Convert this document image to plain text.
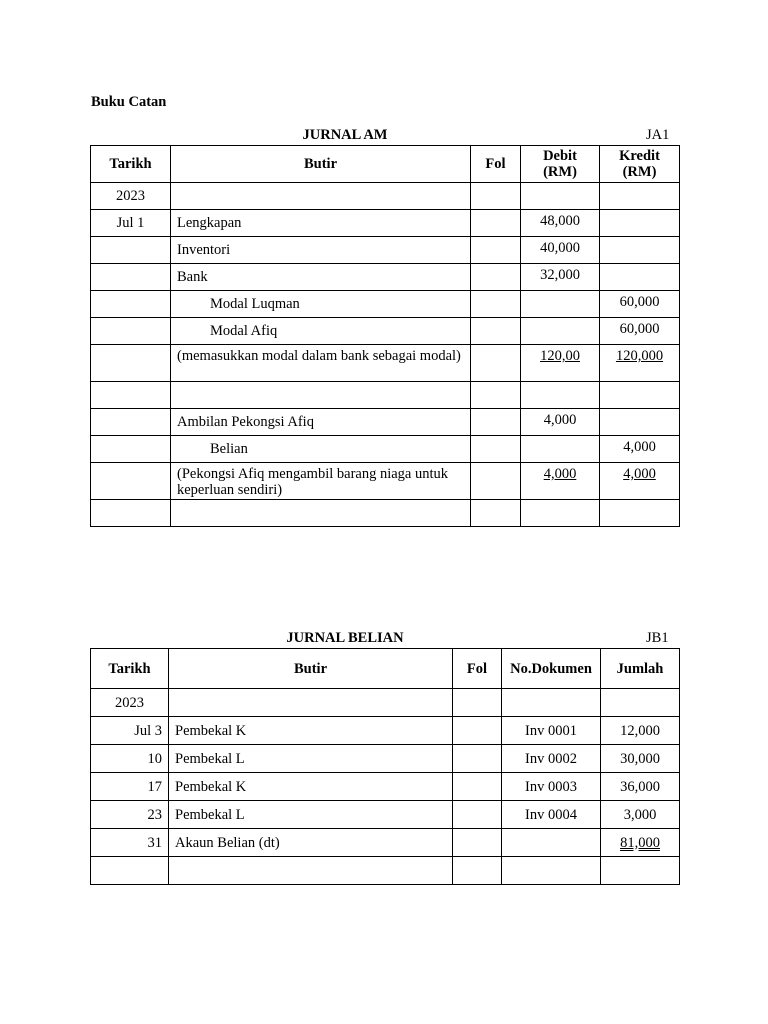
Buku Catan
JURNAL AM	JA1
Tarikh	Butir	Fol	Debit (RM)	Kredit (RM)
2023				
Jul 1	Lengkapan		48,000	
	Inventori		40,000	
	Bank		32,000	
	Modal Luqman			60,000
	Modal Afiq			60,000
	(memasukkan modal dalam bank sebagai modal)		120,00	120,000

	Ambilan Pekongsi Afiq		4,000	
	Belian			4,000
	(Pekongsi Afiq mengambil barang niaga untuk keperluan sendiri)		4,000	4,000

JURNAL BELIAN	JB1
Tarikh	Butir	Fol	No.Dokumen	Jumlah
2023				
Jul 3	Pembekal K		Inv 0001	12,000
10	Pembekal L		Inv 0002	30,000
17	Pembekal K		Inv 0003	36,000
23	Pembekal L		Inv 0004	3,000
31	Akaun Belian (dt)			81,000
